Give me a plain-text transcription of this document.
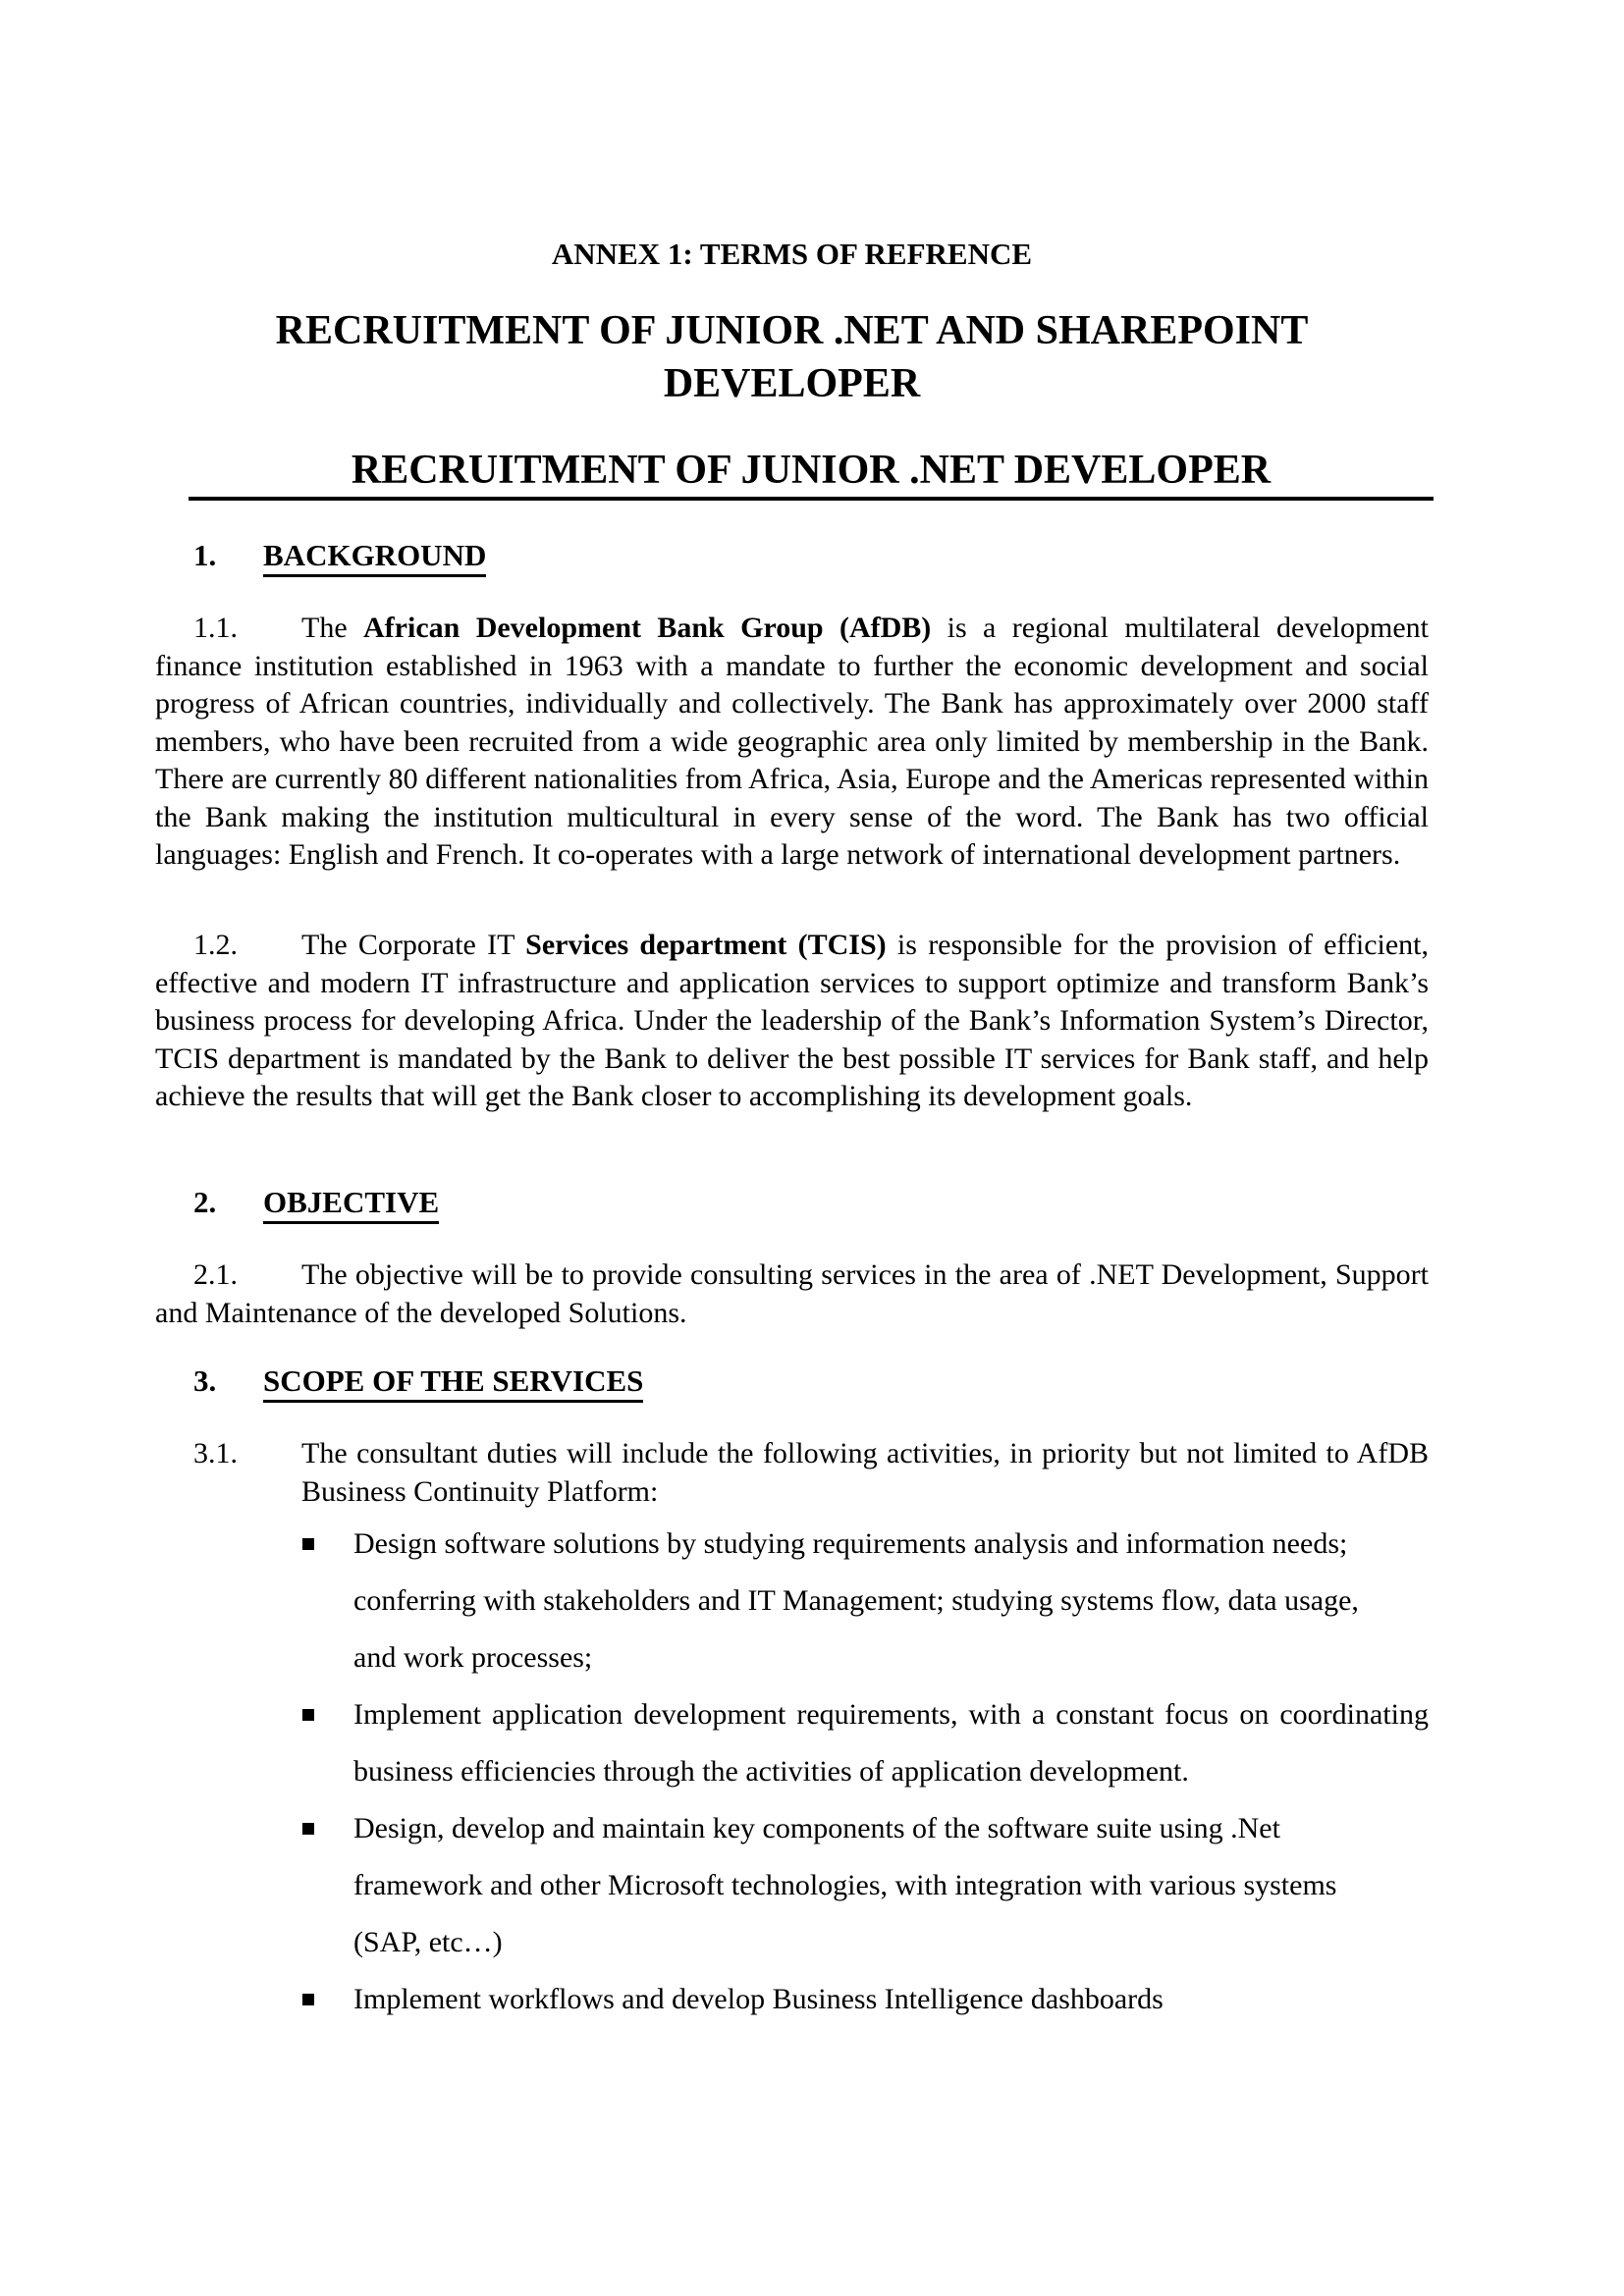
ANNEX 1: TERMS OF REFRENCE
RECRUITMENT OF JUNIOR .NET AND SHAREPOINT DEVELOPER
RECRUITMENT OF JUNIOR .NET DEVELOPER
1. BACKGROUND
1.1. The African Development Bank Group (AfDB) is a regional multilateral development finance institution established in 1963 with a mandate to further the economic development and social progress of African countries, individually and collectively. The Bank has approximately over 2000 staff members, who have been recruited from a wide geographic area only limited by membership in the Bank. There are currently 80 different nationalities from Africa, Asia, Europe and the Americas represented within the Bank making the institution multicultural in every sense of the word. The Bank has two official languages: English and French. It co-operates with a large network of international development partners.
1.2. The Corporate IT Services department (TCIS) is responsible for the provision of efficient, effective and modern IT infrastructure and application services to support optimize and transform Bank’s business process for developing Africa. Under the leadership of the Bank’s Information System’s Director, TCIS department is mandated by the Bank to deliver the best possible IT services for Bank staff, and help achieve the results that will get the Bank closer to accomplishing its development goals.
2. OBJECTIVE
2.1. The objective will be to provide consulting services in the area of .NET Development, Support and Maintenance of the developed Solutions.
3. SCOPE OF THE SERVICES
3.1. The consultant duties will include the following activities, in priority but not limited to AfDB Business Continuity Platform:
Design software solutions by studying requirements analysis and information needs; conferring with stakeholders and IT Management; studying systems flow, data usage, and work processes;
Implement application development requirements, with a constant focus on coordinating business efficiencies through the activities of application development.
Design, develop and maintain key components of the software suite using .Net framework and other Microsoft technologies, with integration with various systems (SAP, etc…)
Implement workflows and develop Business Intelligence dashboards
